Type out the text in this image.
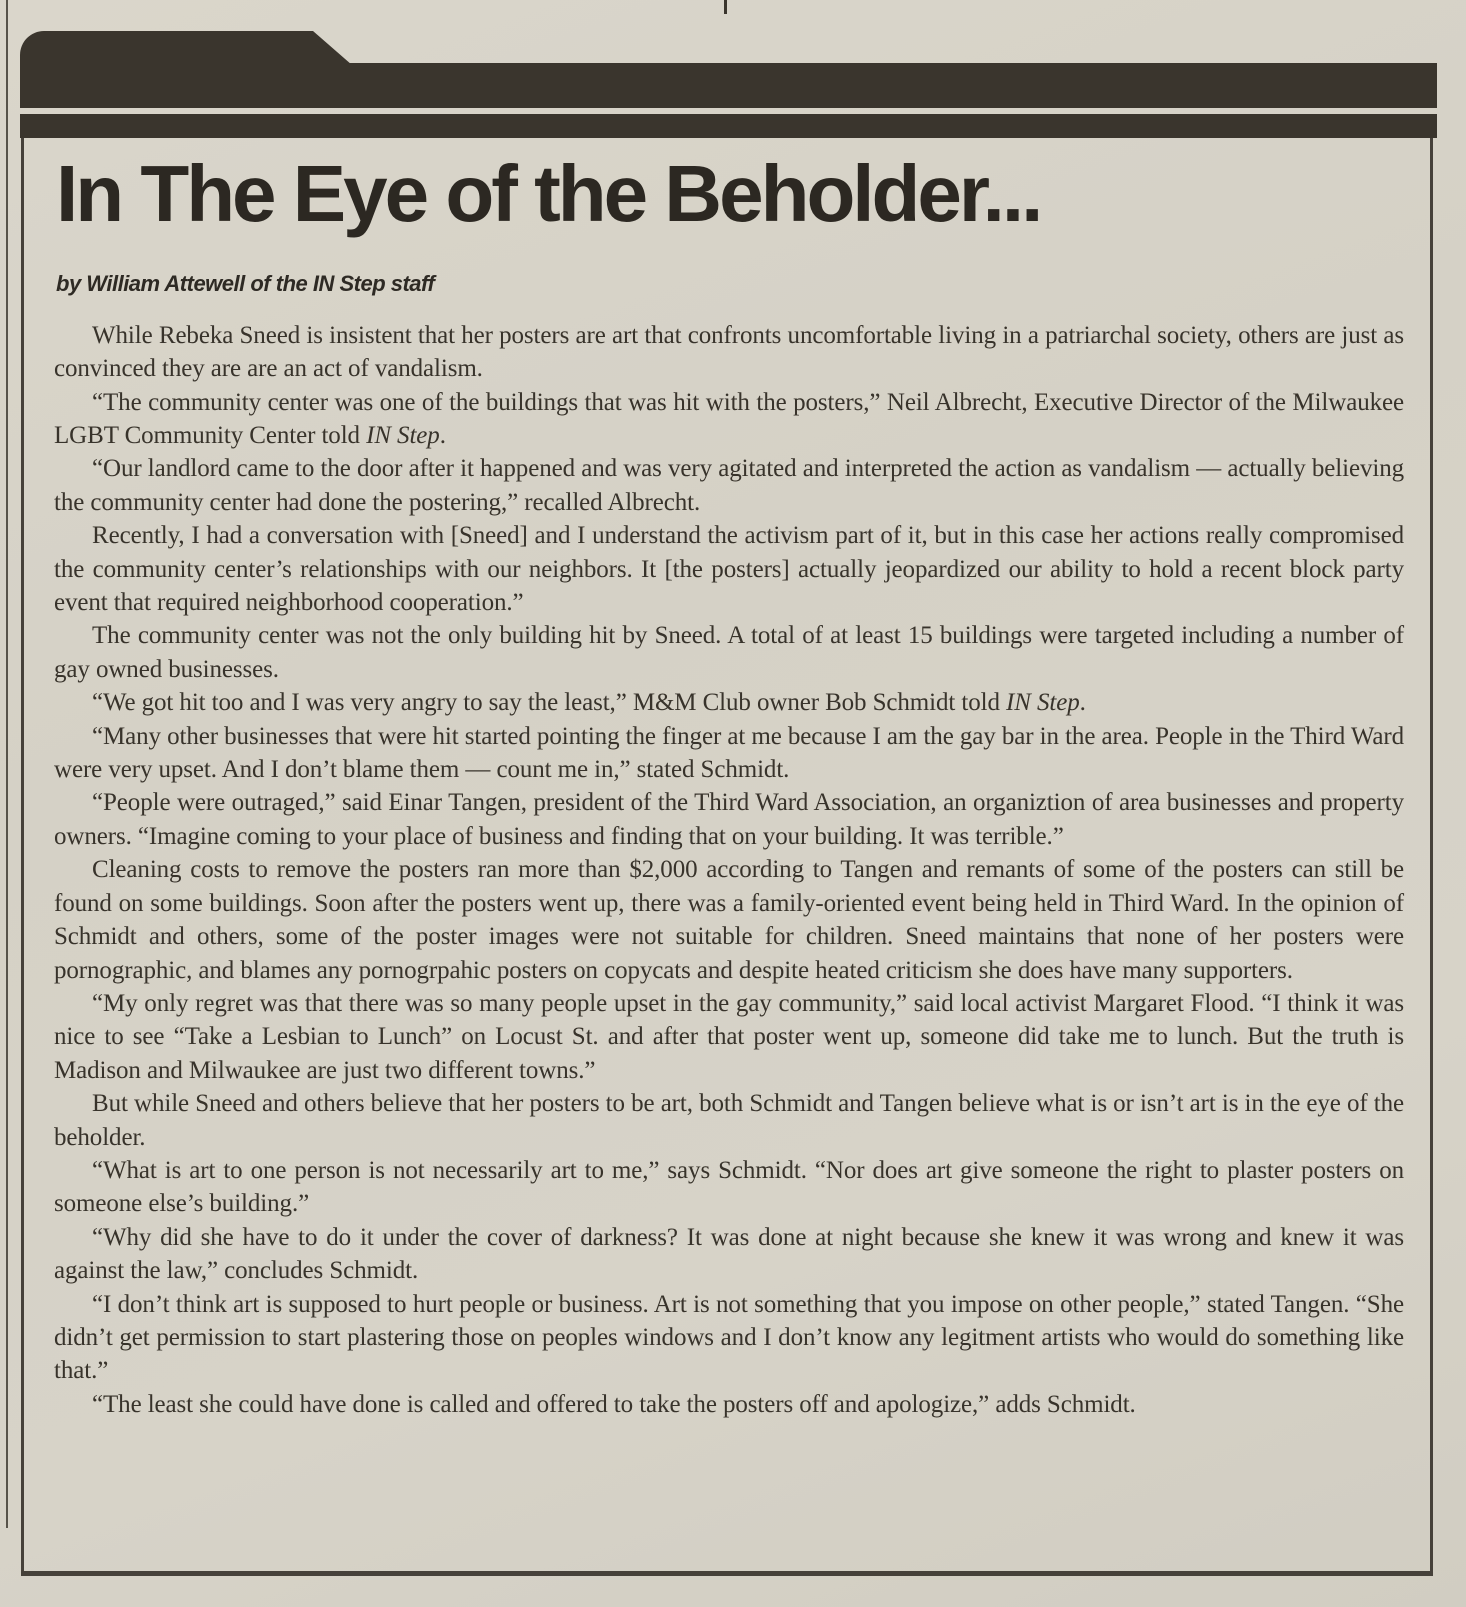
In The Eye of the Beholder...
by William Attewell of the IN Step staff

While Rebeka Sneed is insistent that her posters are art that confronts uncomfortable living in a patriarchal society, others are just as convinced they are are an act of vandalism.

“The community center was one of the buildings that was hit with the posters,” Neil Albrecht, Executive Director of the Milwaukee LGBT Community Center told IN Step.

“Our landlord came to the door after it happened and was very agitated and interpreted the action as vandalism — actually believing the community center had done the postering,” recalled Albrecht.

Recently, I had a conversation with [Sneed] and I understand the activism part of it, but in this case her actions really compromised the community center’s relationships with our neighbors. It [the posters] actually jeopardized our ability to hold a recent block party event that required neighborhood cooperation.”

The community center was not the only building hit by Sneed. A total of at least 15 buildings were targeted including a number of gay owned businesses.

“We got hit too and I was very angry to say the least,” M&M Club owner Bob Schmidt told IN Step.

“Many other businesses that were hit started pointing the finger at me because I am the gay bar in the area. People in the Third Ward were very upset. And I don’t blame them — count me in,” stated Schmidt.

“People were outraged,” said Einar Tangen, president of the Third Ward Association, an organiztion of area businesses and property owners. “Imagine coming to your place of business and finding that on your building. It was terrible.”

Cleaning costs to remove the posters ran more than $2,000 according to Tangen and remants of some of the posters can still be found on some buildings. Soon after the posters went up, there was a family-oriented event being held in Third Ward. In the opinion of Schmidt and others, some of the poster images were not suitable for children. Sneed maintains that none of her posters were pornographic, and blames any pornogrpahic posters on copycats and despite heated criticism she does have many supporters.

“My only regret was that there was so many people upset in the gay community,” said local activist Margaret Flood. “I think it was nice to see “Take a Lesbian to Lunch” on Locust St. and after that poster went up, someone did take me to lunch. But the truth is Madison and Milwaukee are just two different towns.”

But while Sneed and others believe that her posters to be art, both Schmidt and Tangen believe what is or isn’t art is in the eye of the beholder.

“What is art to one person is not necessarily art to me,” says Schmidt. “Nor does art give someone the right to plaster posters on someone else’s building.”

“Why did she have to do it under the cover of darkness? It was done at night because she knew it was wrong and knew it was against the law,” concludes Schmidt.

“I don’t think art is supposed to hurt people or business. Art is not something that you impose on other people,” stated Tangen. “She didn’t get permission to start plastering those on peoples windows and I don’t know any legitment artists who would do something like that.”

“The least she could have done is called and offered to take the posters off and apologize,” adds Schmidt.
